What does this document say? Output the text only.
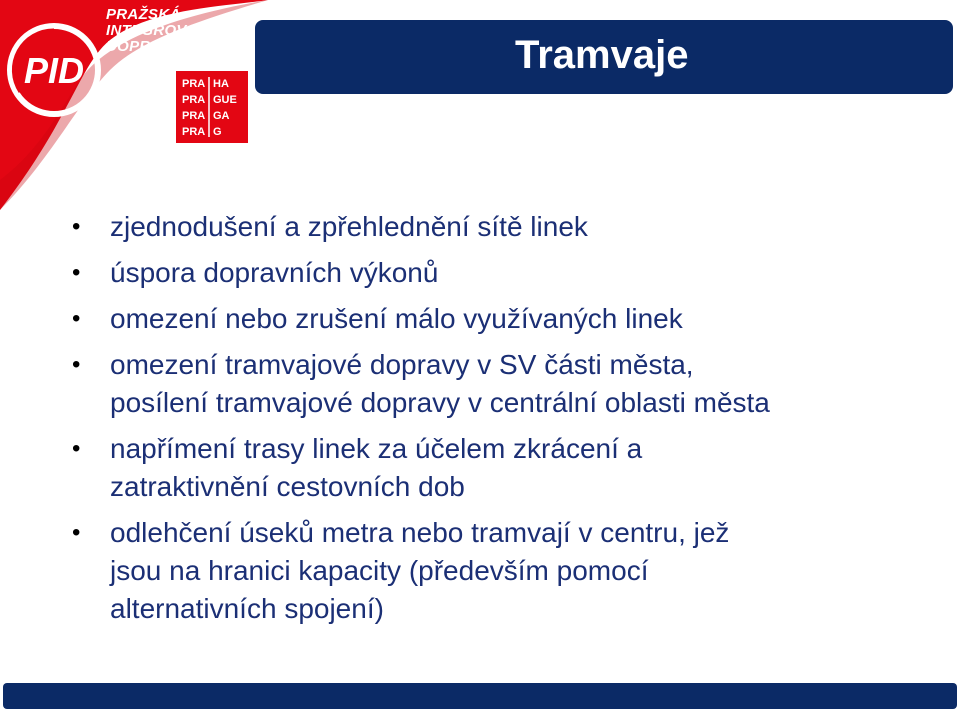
PRAŽSKÁ
INTEGROVANÁ
DOPRAVA
PID	PRA HA
PRA GUE
PRA GA
PRA G
Tramvaje
•	zjednodušení a zpřehlednění sítě linek
•	úspora dopravních výkonů
•	omezení nebo zrušení málo využívaných linek
•	omezení tramvajové dopravy v SV části města,
posílení tramvajové dopravy v centrální oblasti města
•	napřímení trasy linek za účelem zkrácení a
zatraktivnění cestovních dob
•	odlehčení úseků metra nebo tramvají v centru, jež
jsou na hranici kapacity (především pomocí
alternativních spojení)
